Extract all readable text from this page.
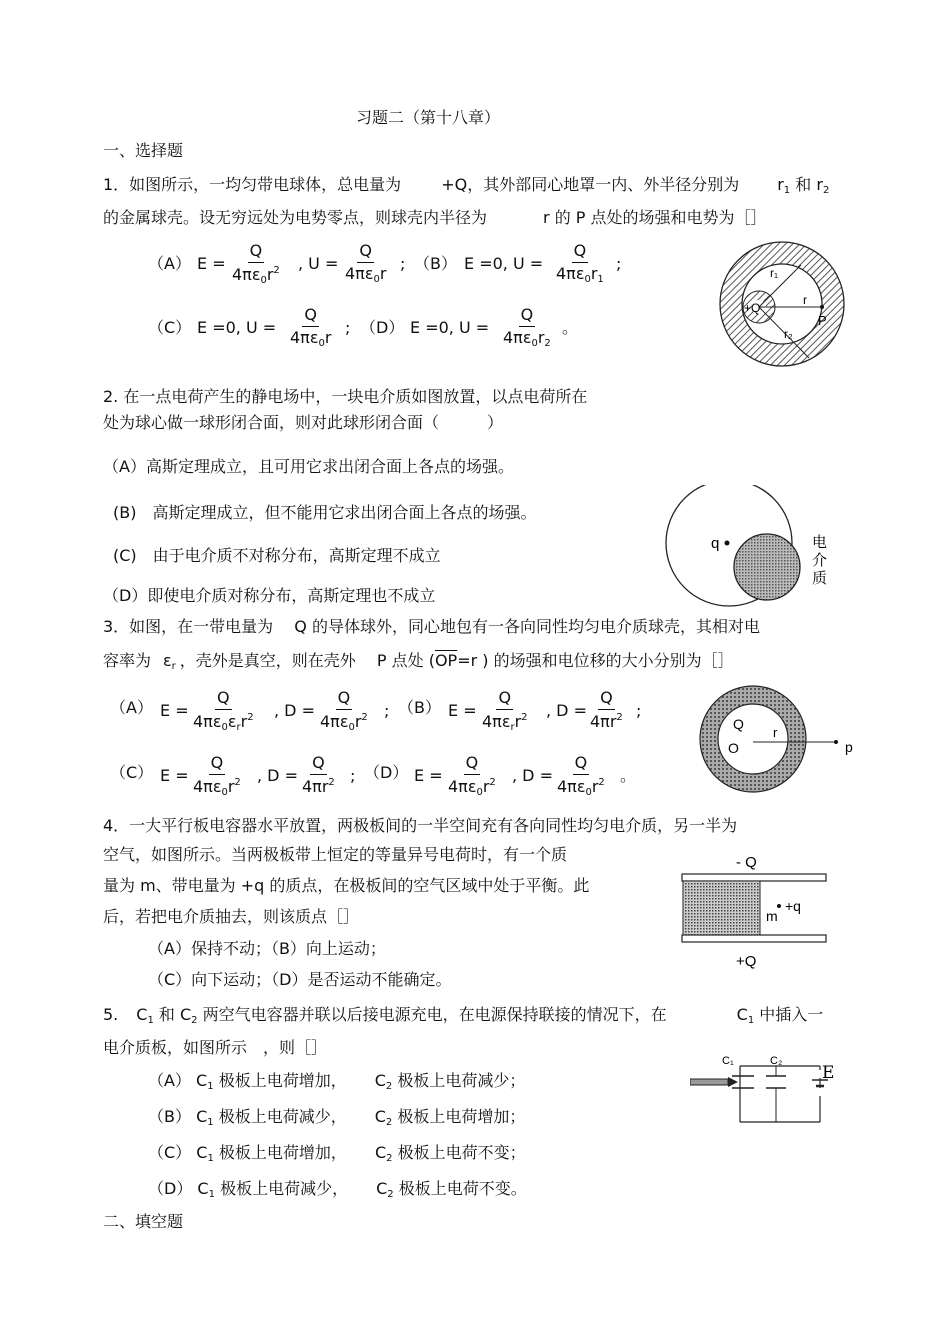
习题二（第十八章）
一、选择题
1．如图所示，一均匀带电球体，总电量为	+Q，其外部同心地罩一内、外半径分别为 $r_1$ 和 $r_2$
的金属球壳。设无穷远处为电势零点，则球壳内半径为	r 的 P 点处的场强和电势为［］
（A） $E = \frac{Q}{4\pi\varepsilon_0r^2}$ , $U = \frac{Q}{4\pi\varepsilon_0r}$ ; （B） E =0, $U = \frac{Q}{4\pi\varepsilon_0r_1}$ ;
（C） E =0, $U = \frac{Q}{4\pi\varepsilon_0r}$ ; （D） E =0, $U = \frac{Q}{4\pi\varepsilon_0r_2}$ 。
r₁
r
+Q
r₂
P
2. 在一点电荷产生的静电场中，一块电介质如图放置，以点电荷所在
处为球心做一球形闭合面，则对此球形闭合面（　　　）
（A）高斯定理成立，且可用它求出闭合面上各点的场强。
(B)　高斯定理成立，但不能用它求出闭合面上各点的场强。
(C)　由于电介质不对称分布，高斯定理不成立
（D）即使电介质对称分布，高斯定理也不成立
q	电
介
质
3．如图，在一带电量为　 Q 的导体球外，同心地包有一各向同性均匀电介质球壳，其相对电
容率为 $\varepsilon_r$ ，壳外是真空，则在壳外　 P 点处 ($\overline{OP}=r$ ) 的场强和电位移的大小分别为［］
（A） E =
Q
$4\pi\varepsilon_0\varepsilon_rr^2$ , $D = \frac{Q}{4\pi\varepsilon_0r^2}$ ; （B） E =
Q
$4\pi\varepsilon_rr^2$ , $D = \frac{Q}{4\pi r^2}$ ;
（C） $E = \frac{Q}{4\pi\varepsilon_0r^2}$ , $D = \frac{Q}{4\pi r^2}$ ; （D） $E = \frac{Q}{4\pi\varepsilon_0r^2}$ , $D = \frac{Q}{4\pi\varepsilon_0r^2}$ 。
Q
O
r
p
4．一大平行板电容器水平放置，两极板间的一半空间充有各向同性均匀电介质，另一半为
空气，如图所示。当两极板带上恒定的等量异号电荷时，有一个质
量为 m、带电量为 +q 的质点，在极板间的空气区域中处于平衡。此
后，若把电介质抽去，则该质点［］
（A）保持不动；（B）向上运动；
（C）向下运动；（D）是否运动不能确定。
- Q
m
+q
+Q
5. $C_1$ 和 $C_2$ 两空气电容器并联以后接电源充电，在电源保持联接的情况下，在	$C_1$ 中插入一
电介质板，如图所示　，则［］
（A） $C_1$ 极板上电荷增加， $C_2$ 极板上电荷减少；
（B） $C_1$ 极板上电荷减少， $C_2$ 极板上电荷增加；
（C） $C_1$ 极板上电荷增加， $C_2$ 极板上电荷不变；
（D） $C_1$ 极板上电荷减少， $C_2$ 极板上电荷不变。
C₁	C₂
E
二、填空题
